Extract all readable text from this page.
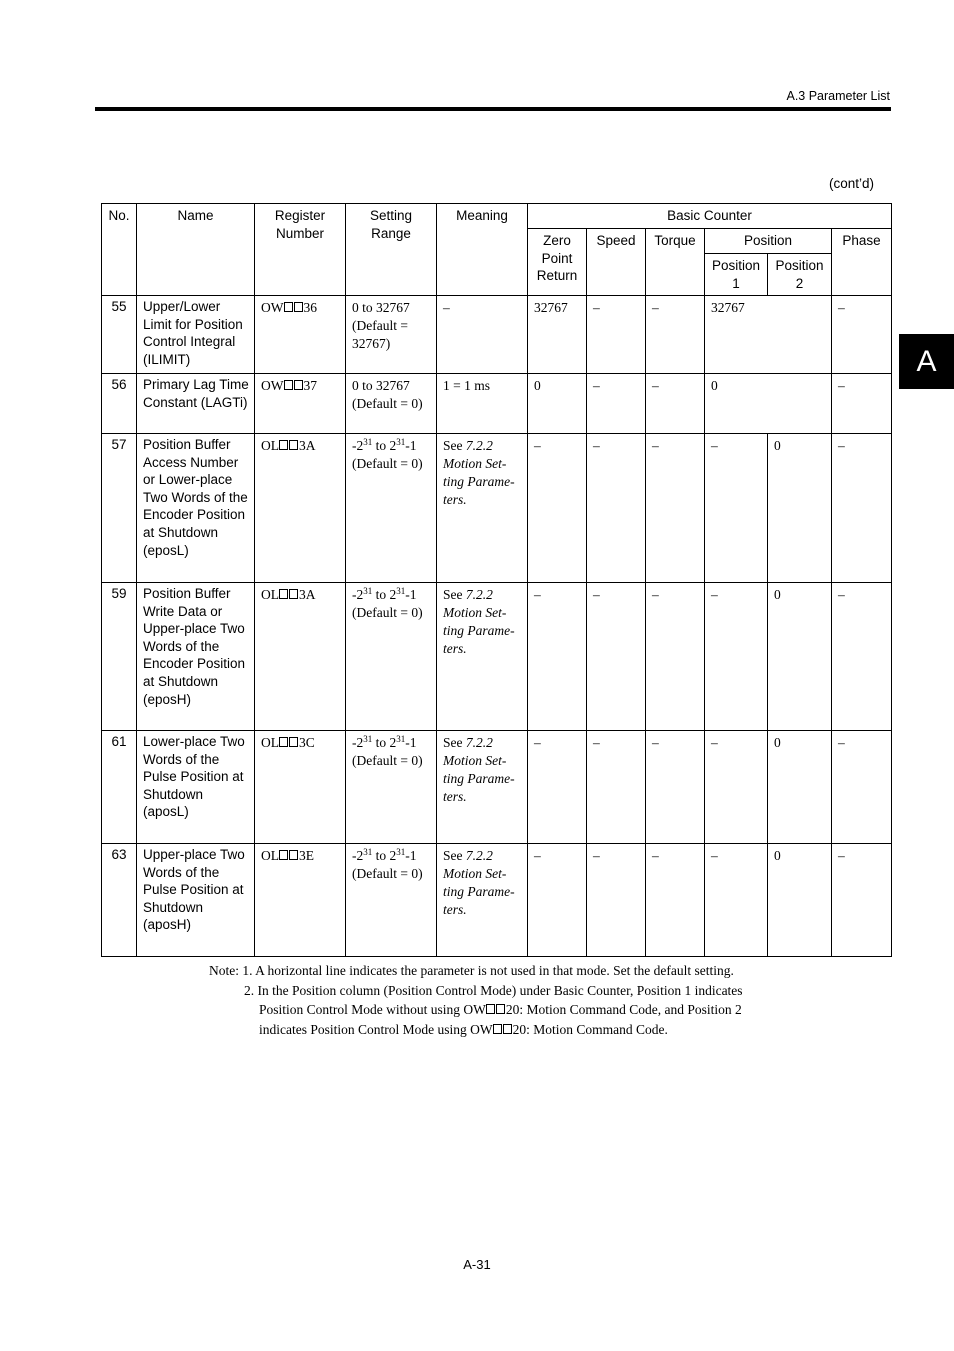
A.3 Parameter List
A
(cont’d)
No.	Name	Register Number	Setting Range	Meaning	Basic Counter					
					Zero Point Return	Speed	Torque	Position		Phase
								Position 1	Position 2	
55	Upper/Lower Limit for Position Control Integral (ILIMIT)	OW 36	0 to 32767 (Default = 32767)	–	32767	–	–	32767		–
56	Primary Lag Time Constant (LAGTi)	OW 37	0 to 32767 (Default = 0)	1 = 1 ms	0	–	–	0		–
57	Position Buffer Access Number or Lower-place Two Words of the Encoder Position at Shutdown (eposL)	OL 3A	$-2^{31}$ to $2^{31}-1$
(Default = 0)	See 7.2.2 Motion Set-ting Parame-ters.	–	–	–	–	0	–
59	Position Buffer Write Data or Upper-place Two Words of the Encoder Position at Shutdown (eposH)	OL 3A	$-2^{31}$ to $2^{31}-1$
(Default = 0)	See 7.2.2 Motion Set-ting Parame-ters.	–	–	–	–	0	–
61	Lower-place Two Words of the Pulse Position at Shutdown (aposL)	OL 3C	$-2^{31}$ to $2^{31}-1$
(Default = 0)	See 7.2.2 Motion Set-ting Parame-ters.	–	–	–	–	0	–
63	Upper-place Two Words of the Pulse Position at Shutdown (aposH)	OL 3E	$-2^{31}$ to $2^{31}-1$
(Default = 0)	See 7.2.2 Motion Set-ting Parame-ters.	–	–	–	–	0	–
Note: 1. A horizontal line indicates the parameter is not used in that mode. Set the default setting.
2. In the Position column (Position Control Mode) under Basic Counter, Position 1 indicates
Position Control Mode without using OW 20: Motion Command Code, and Position 2
indicates Position Control Mode using OW 20: Motion Command Code.
A-31
